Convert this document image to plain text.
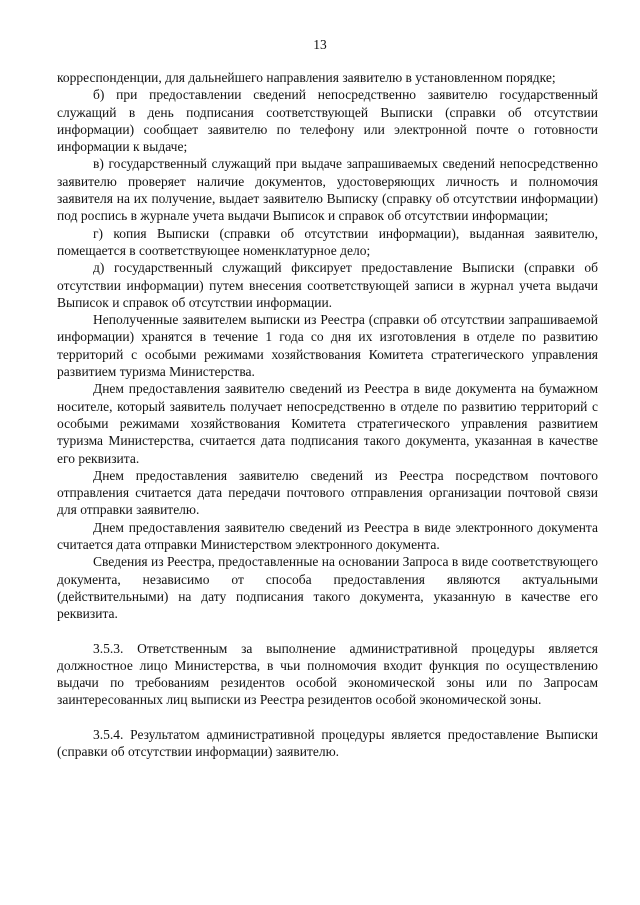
13

корреспонденции, для дальнейшего направления заявителю в установленном порядке;

б) при предоставлении сведений непосредственно заявителю государственный служащий в день подписания соответствующей Выписки (справки об отсутствии информации) сообщает заявителю по телефону или электронной почте о готовности информации к выдаче;

в) государственный служащий при выдаче запрашиваемых сведений непосредственно заявителю проверяет наличие документов, удостоверяющих личность и полномочия заявителя на их получение, выдает заявителю Выписку (справку об отсутствии информации) под роспись в журнале учета выдачи Выписок и справок об отсутствии информации;

г) копия Выписки (справки об отсутствии информации), выданная заявителю, помещается в соответствующее номенклатурное дело;

д) государственный служащий фиксирует предоставление Выписки (справки об отсутствии информации) путем внесения соответствующей записи в журнал учета выдачи Выписок и справок об отсутствии информации.

Неполученные заявителем выписки из Реестра (справки об отсутствии запрашиваемой информации) хранятся в течение 1 года со дня их изготовления в отделе по развитию территорий с особыми режимами хозяйствования Комитета стратегического управления развитием туризма Министерства.

Днем предоставления заявителю сведений из Реестра в виде документа на бумажном носителе, который заявитель получает непосредственно в отделе по развитию территорий с особыми режимами хозяйствования Комитета стратегического управления развитием туризма Министерства, считается дата подписания такого документа, указанная в качестве его реквизита.

Днем предоставления заявителю сведений из Реестра посредством почтового отправления считается дата передачи почтового отправления организации почтовой связи для отправки заявителю.

Днем предоставления заявителю сведений из Реестра в виде электронного документа считается дата отправки Министерством электронного документа.

Сведения из Реестра, предоставленные на основании Запроса в виде соответствующего документа, независимо от способа предоставления являются актуальными (действительными) на дату подписания такого документа, указанную в качестве его реквизита.

3.5.3. Ответственным за выполнение административной процедуры является должностное лицо Министерства, в чьи полномочия входит функция по осуществлению выдачи по требованиям резидентов особой экономической зоны или по Запросам заинтересованных лиц выписки из Реестра резидентов особой экономической зоны.

3.5.4. Результатом административной процедуры является предоставление Выписки (справки об отсутствии информации) заявителю.
